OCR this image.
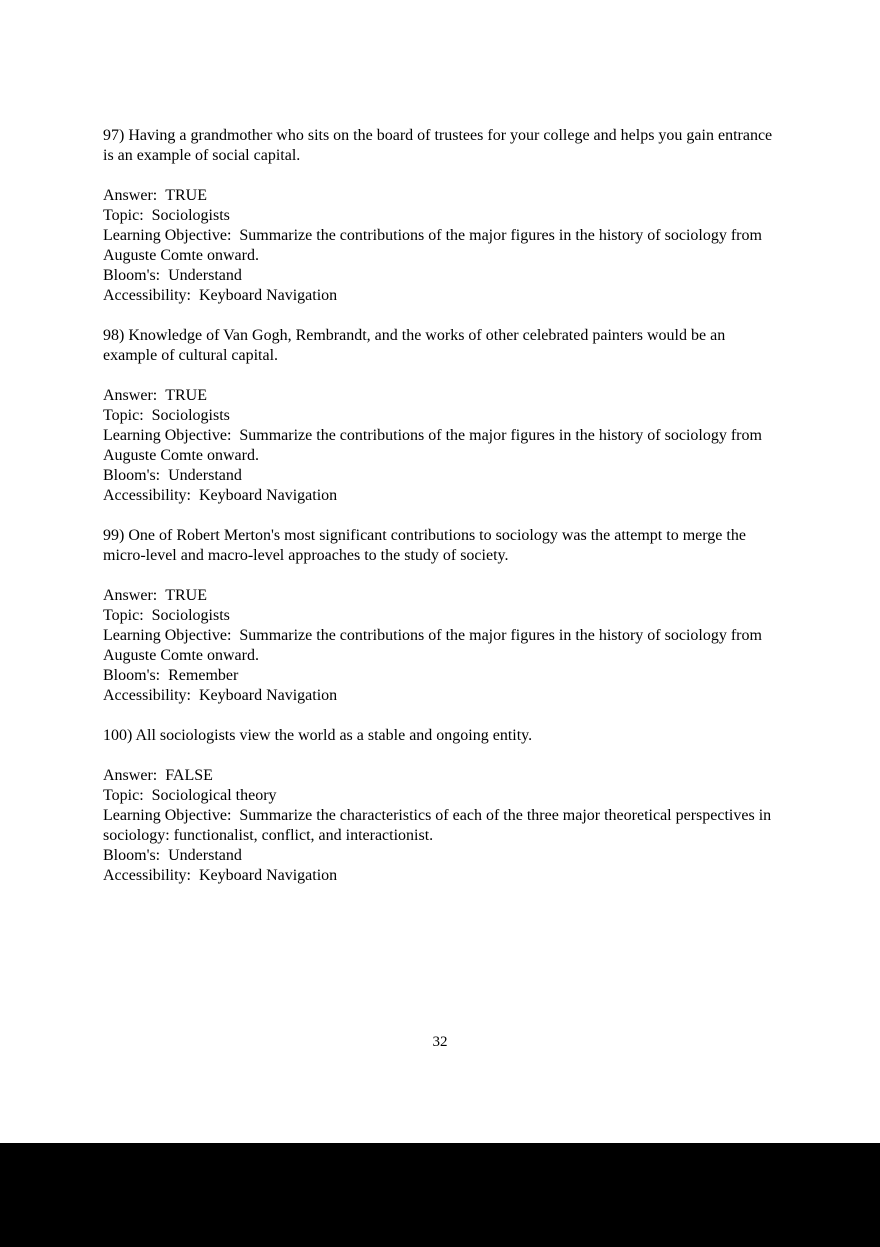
97) Having a grandmother who sits on the board of trustees for your college and helps you gain entrance is an example of social capital.

Answer: TRUE

Topic: Sociologists

Learning Objective: Summarize the contributions of the major figures in the history of sociology from Auguste Comte onward.

Bloom's: Understand

Accessibility: Keyboard Navigation

98) Knowledge of Van Gogh, Rembrandt, and the works of other celebrated painters would be an example of cultural capital.

Answer: TRUE

Topic: Sociologists

Learning Objective: Summarize the contributions of the major figures in the history of sociology from Auguste Comte onward.

Bloom's: Understand

Accessibility: Keyboard Navigation

99) One of Robert Merton's most significant contributions to sociology was the attempt to merge the micro-level and macro-level approaches to the study of society.

Answer: TRUE

Topic: Sociologists

Learning Objective: Summarize the contributions of the major figures in the history of sociology from Auguste Comte onward.

Bloom's: Remember

Accessibility: Keyboard Navigation

100) All sociologists view the world as a stable and ongoing entity.

Answer: FALSE

Topic: Sociological theory

Learning Objective: Summarize the characteristics of each of the three major theoretical perspectives in sociology: functionalist, conflict, and interactionist.

Bloom's: Understand

Accessibility: Keyboard Navigation

32
